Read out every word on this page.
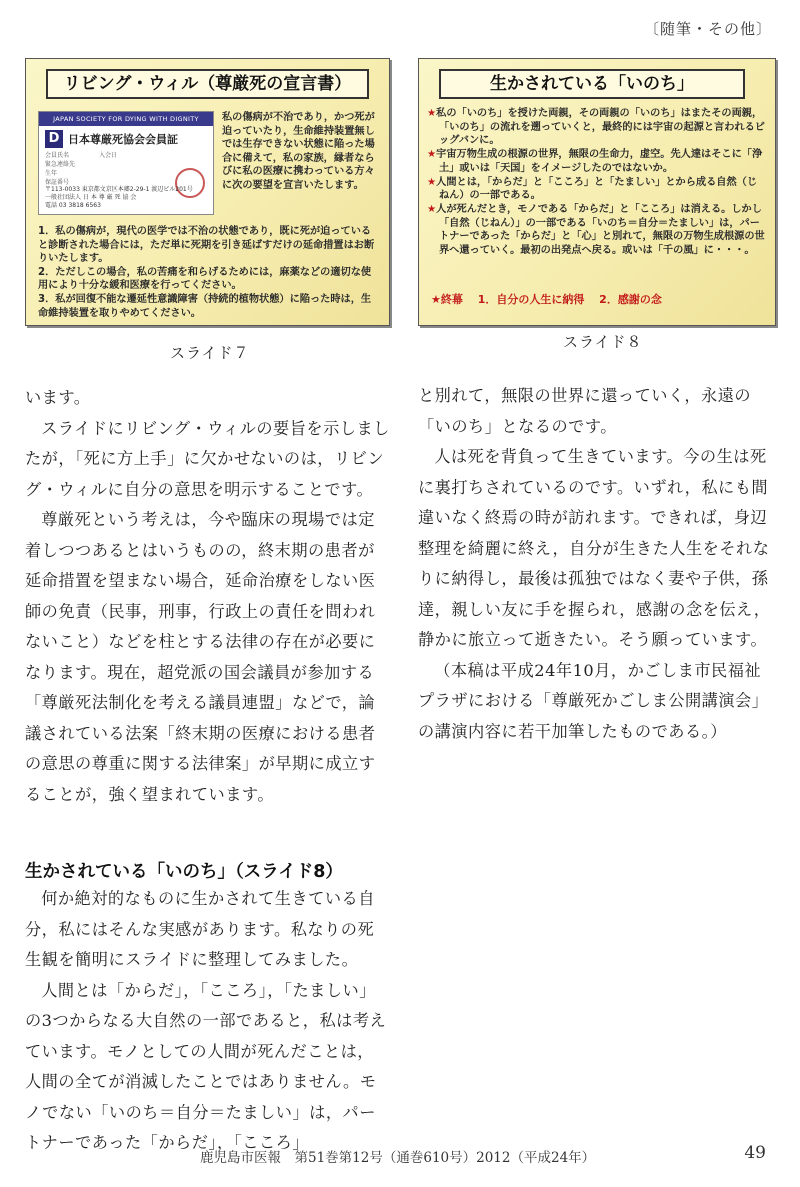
〔随筆・その他〕
リビング・ウィル（尊厳死の宣言書）
JAPAN SOCIETY FOR DYING WITH DIGNITY
D 日本尊厳死協会会員証
会員氏名　　　　　入会日
緊急連絡先
生年
保証番号
〒113-0033 東京都文京区本郷2-29-1 渡辺ビル201号
一般社団法人 日 本 尊 厳 死 協 会
電話 03 3818 6563
私の傷病が不治であり，かつ死が迫っていたり，生命維持装置無しでは生存できない状態に陥った場合に備えて，私の家族，縁者ならびに私の医療に携わっている方々に次の要望を宣言いたします。
1．私の傷病が，現代の医学では不治の状態であり，既に死が迫っていると診断された場合には，ただ単に死期を引き延ばすだけの延命措置はお断りいたします。
2．ただしこの場合，私の苦痛を和らげるためには，麻薬などの適切な使用により十分な緩和医療を行ってください。
3．私が回復不能な遷延性意識障害（持続的植物状態）に陥った時は，生命維持装置を取りやめてください。
スライド７
生かされている「いのち」
★私の「いのち」を授けた両親，その両親の「いのち」はまたその両親，「いのち」の流れを遡っていくと，最終的には宇宙の起源と言われるビッグバンに。
★宇宙万物生成の根源の世界，無限の生命力，虚空。先人達はそこに「浄土」或いは「天国」をイメージしたのではないか。
★人間とは，「からだ」と「こころ」と「たましい」とから成る自然（じねん）の一部である。
★人が死んだとき，モノである「からだ」と「こころ」は消える。しかし「自然（じねん）」の一部である「いのち＝自分＝たましい」は，パートナーであった「からだ」と「心」と別れて，無限の万物生成根源の世界へ還っていく。最初の出発点へ戻る。或いは「千の風」に・・・。
★終幕　 1．自分の人生に納得　 2．感謝の念
スライド８

います。

スライドにリビング・ウィルの要旨を示しましたが，「死に方上手」に欠かせないのは，リビング・ウィルに自分の意思を明示することです。

尊厳死という考えは，今や臨床の現場では定着しつつあるとはいうものの，終末期の患者が延命措置を望まない場合，延命治療をしない医師の免責（民事，刑事，行政上の責任を問われないこと）などを柱とする法律の存在が必要になります。現在，超党派の国会議員が参加する「尊厳死法制化を考える議員連盟」などで，論議されている法案「終末期の医療における患者の意思の尊重に関する法律案」が早期に成立することが，強く望まれています。

生かされている「いのち」（スライド8）

何か絶対的なものに生かされて生きている自分，私にはそんな実感があります。私なりの死生観を簡明にスライドに整理してみました。

人間とは「からだ」，「こころ」，「たましい」の3つからなる大自然の一部であると，私は考えています。モノとしての人間が死んだことは，人間の全てが消滅したことではありません。モノでない「いのち＝自分＝たましい」は，パートナーであった「からだ」，「こころ」

と別れて，無限の世界に還っていく，永遠の「いのち」となるのです。

人は死を背負って生きています。今の生は死に裏打ちされているのです。いずれ，私にも間違いなく終焉の時が訪れます。できれば，身辺整理を綺麗に終え，自分が生きた人生をそれなりに納得し，最後は孤独ではなく妻や子供，孫達，親しい友に手を握られ，感謝の念を伝え，静かに旅立って逝きたい。そう願っています。

（本稿は平成24年10月，かごしま市民福祉プラザにおける「尊厳死かごしま公開講演会」の講演内容に若干加筆したものである。）

鹿児島市医報　第51巻第12号（通巻610号）2012（平成24年）	49
